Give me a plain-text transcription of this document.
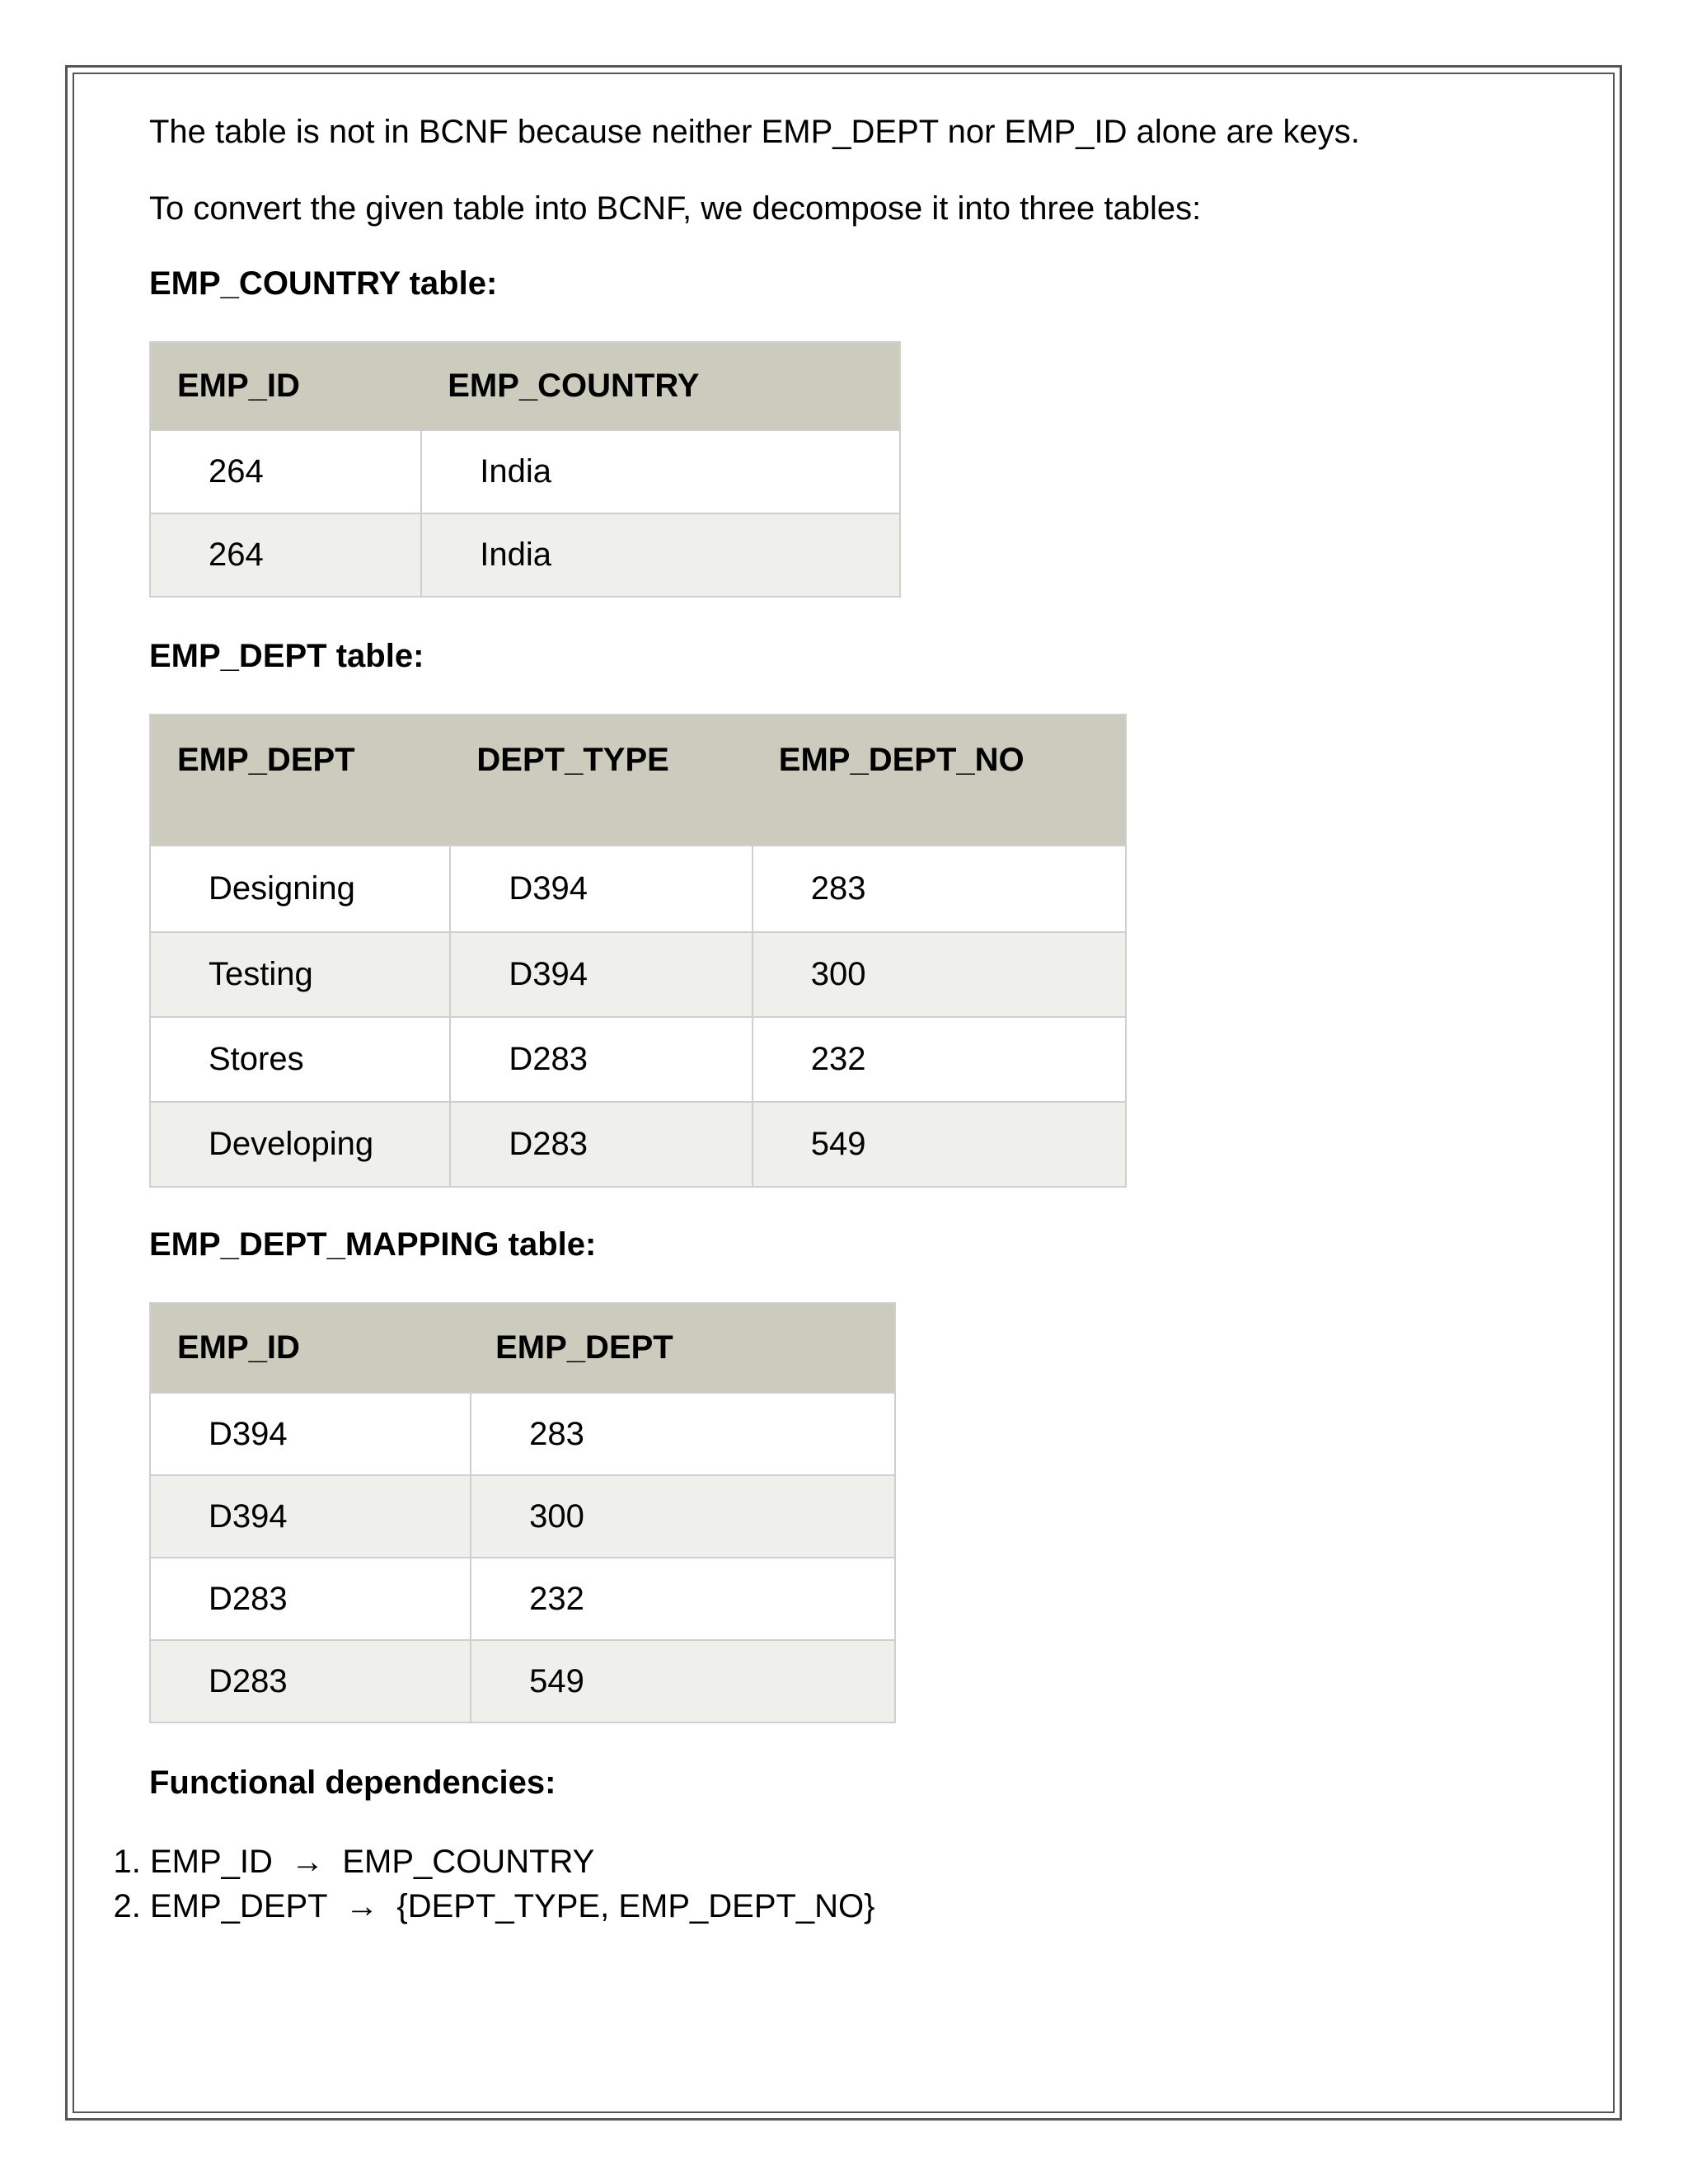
The table is not in BCNF because neither EMP_DEPT nor EMP_ID alone are keys.
To convert the given table into BCNF, we decompose it into three tables:
EMP_COUNTRY table:
EMP_ID	EMP_COUNTRY
264	India
264	India
EMP_DEPT table:
EMP_DEPT	DEPT_TYPE	EMP_DEPT_NO
Designing	D394	283
Testing	D394	300
Stores	D283	232
Developing	D283	549
EMP_DEPT_MAPPING table:
EMP_ID	EMP_DEPT
D394	283
D394	300
D283	232
D283	549
Functional dependencies:
1. EMP_ID  →  EMP_COUNTRY
2. EMP_DEPT  →  {DEPT_TYPE, EMP_DEPT_NO}
